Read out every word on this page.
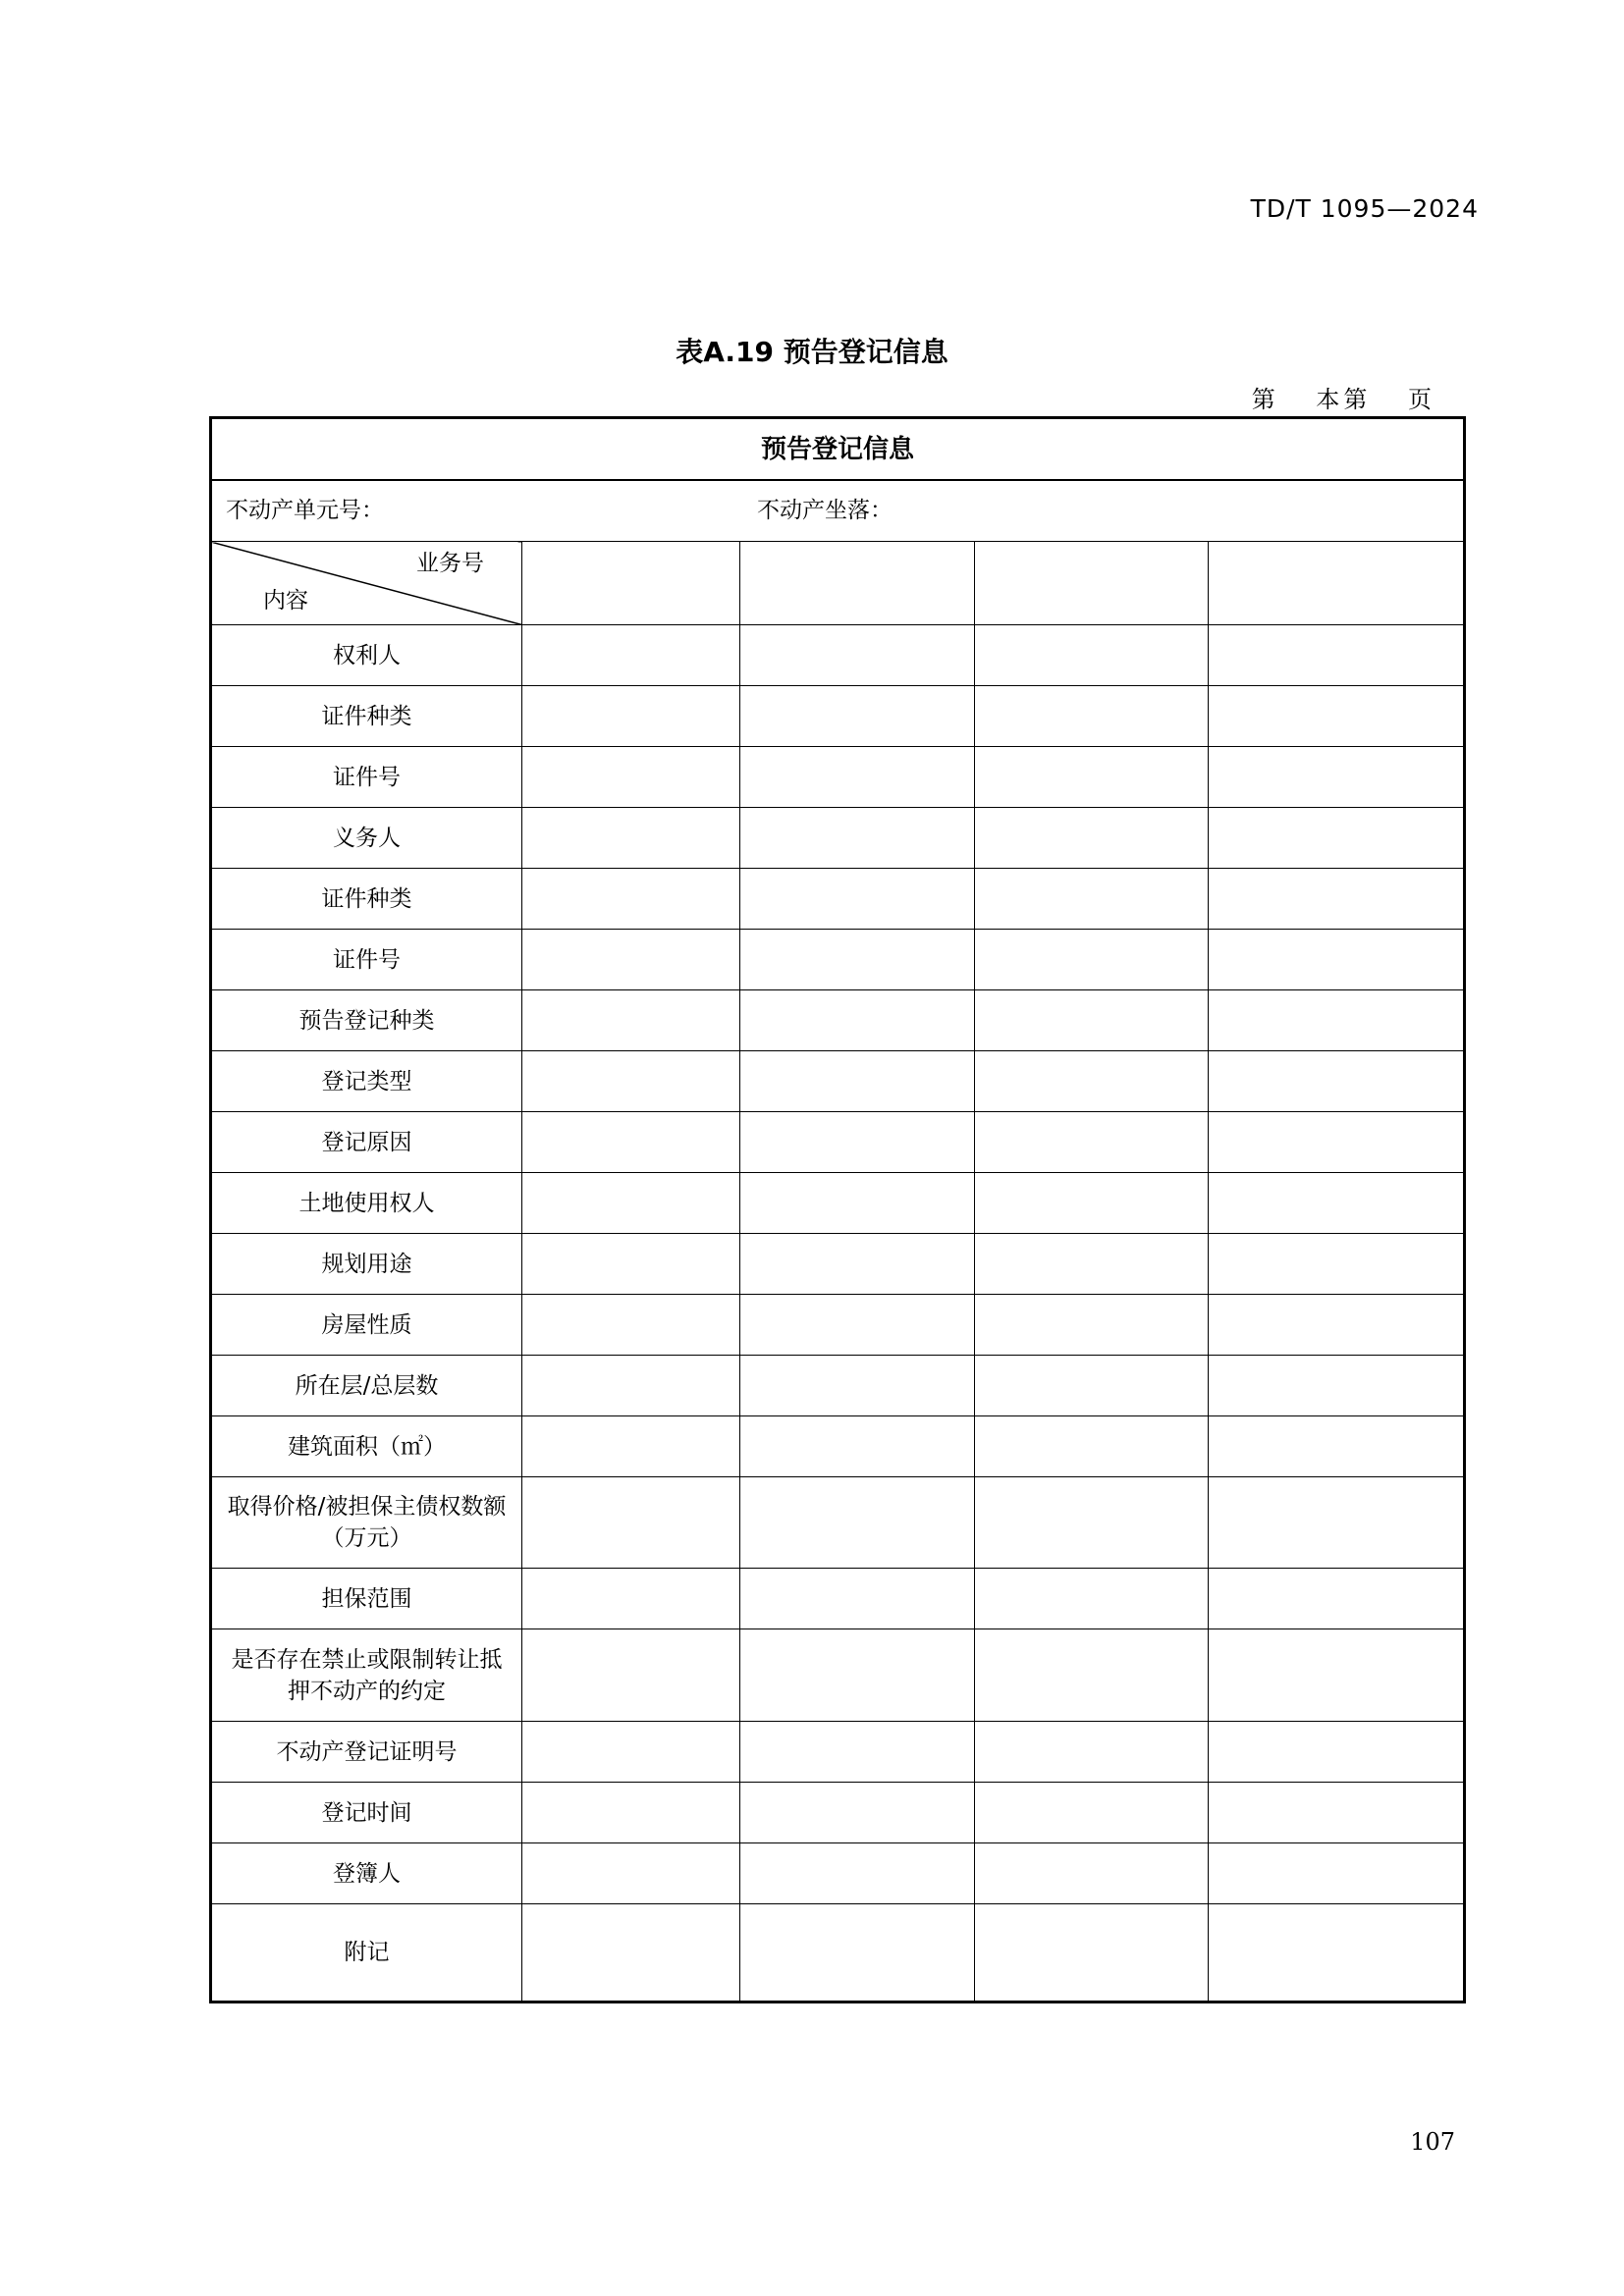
TD/T 1095—2024
表A.19 预告登记信息
第 本第 页
预告登记信息				

不动产单元号： 不动产坐落：				

业务号
内容				

权利人				
证件种类				
证件号				
义务人				
证件种类				
证件号				
预告登记种类				
登记类型				
登记原因				
土地使用权人				
规划用途				
房屋性质				
所在层/总层数				
建筑面积（㎡）				

取得价格/被担保主债权数额
（万元）				

担保范围				

是否存在禁止或限制转让抵
押不动产的约定				

不动产登记证明号				
登记时间				
登簿人				
附记				
107
